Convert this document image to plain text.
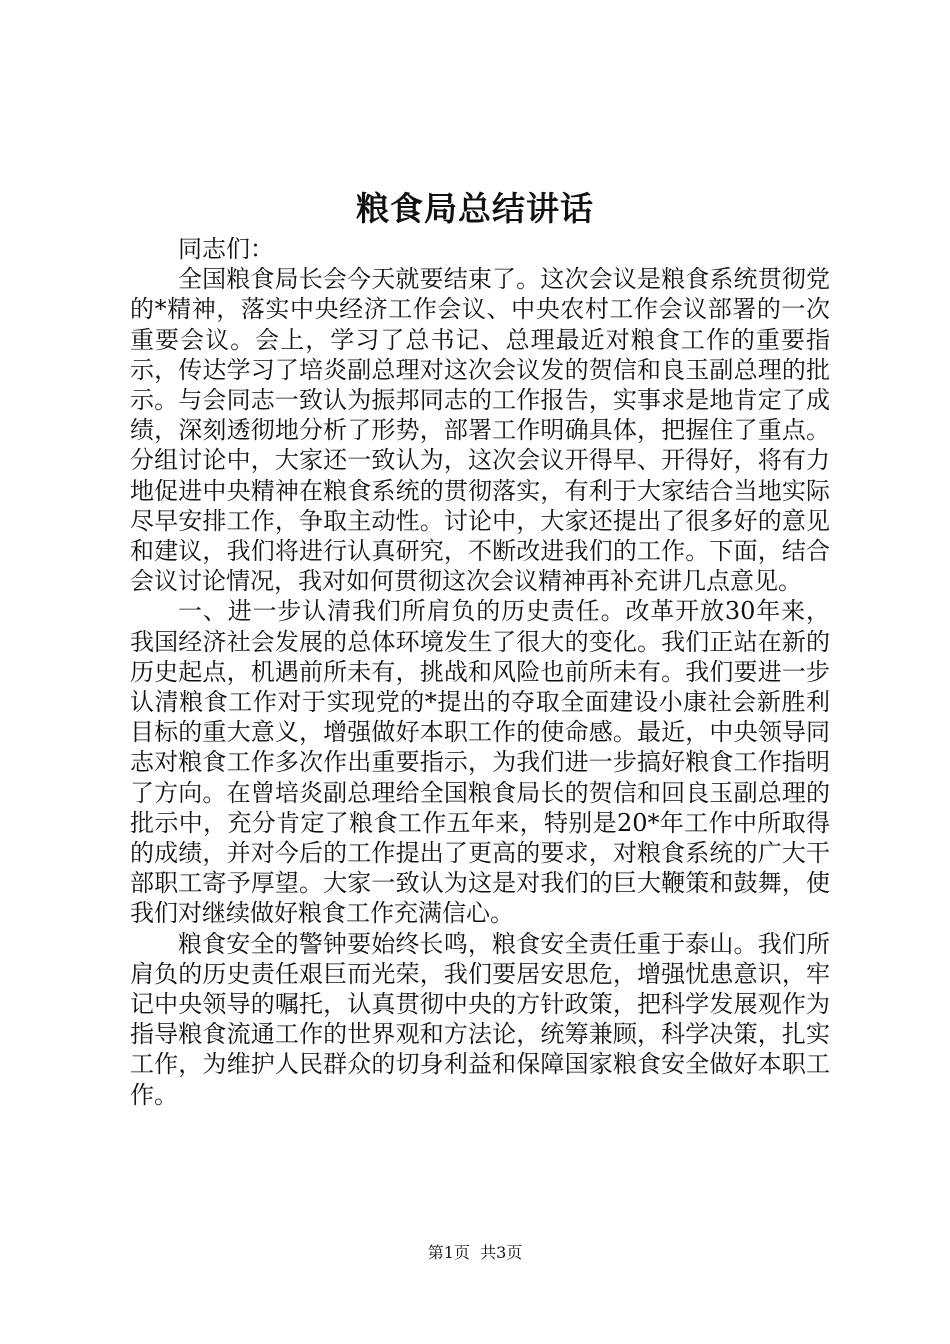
粮食局总结讲话

同志们：

全国粮食局长会今天就要结束了。这次会议是粮食系统贯彻党的*精神，落实中央经济工作会议、中央农村工作会议部署的一次重要会议。会上，学习了总书记、总理最近对粮食工作的重要指示，传达学习了培炎副总理对这次会议发的贺信和良玉副总理的批示。与会同志一致认为振邦同志的工作报告，实事求是地肯定了成绩，深刻透彻地分析了形势，部署工作明确具体，把握住了重点。分组讨论中，大家还一致认为，这次会议开得早、开得好，将有力地促进中央精神在粮食系统的贯彻落实，有利于大家结合当地实际尽早安排工作，争取主动性。讨论中，大家还提出了很多好的意见和建议，我们将进行认真研究，不断改进我们的工作。下面，结合会议讨论情况，我对如何贯彻这次会议精神再补充讲几点意见。

一、进一步认清我们所肩负的历史责任。改革开放30年来，我国经济社会发展的总体环境发生了很大的变化。我们正站在新的历史起点，机遇前所未有，挑战和风险也前所未有。我们要进一步认清粮食工作对于实现党的*提出的夺取全面建设小康社会新胜利目标的重大意义，增强做好本职工作的使命感。最近，中央领导同志对粮食工作多次作出重要指示，为我们进一步搞好粮食工作指明了方向。在曾培炎副总理给全国粮食局长的贺信和回良玉副总理的批示中，充分肯定了粮食工作五年来，特别是20*年工作中所取得的成绩，并对今后的工作提出了更高的要求，对粮食系统的广大干部职工寄予厚望。大家一致认为这是对我们的巨大鞭策和鼓舞，使我们对继续做好粮食工作充满信心。

粮食安全的警钟要始终长鸣，粮食安全责任重于泰山。我们所肩负的历史责任艰巨而光荣，我们要居安思危，增强忧患意识，牢记中央领导的嘱托，认真贯彻中央的方针政策，把科学发展观作为指导粮食流通工作的世界观和方法论，统筹兼顾，科学决策，扎实工作，为维护人民群众的切身利益和保障国家粮食安全做好本职工作。

第1页 共3页
